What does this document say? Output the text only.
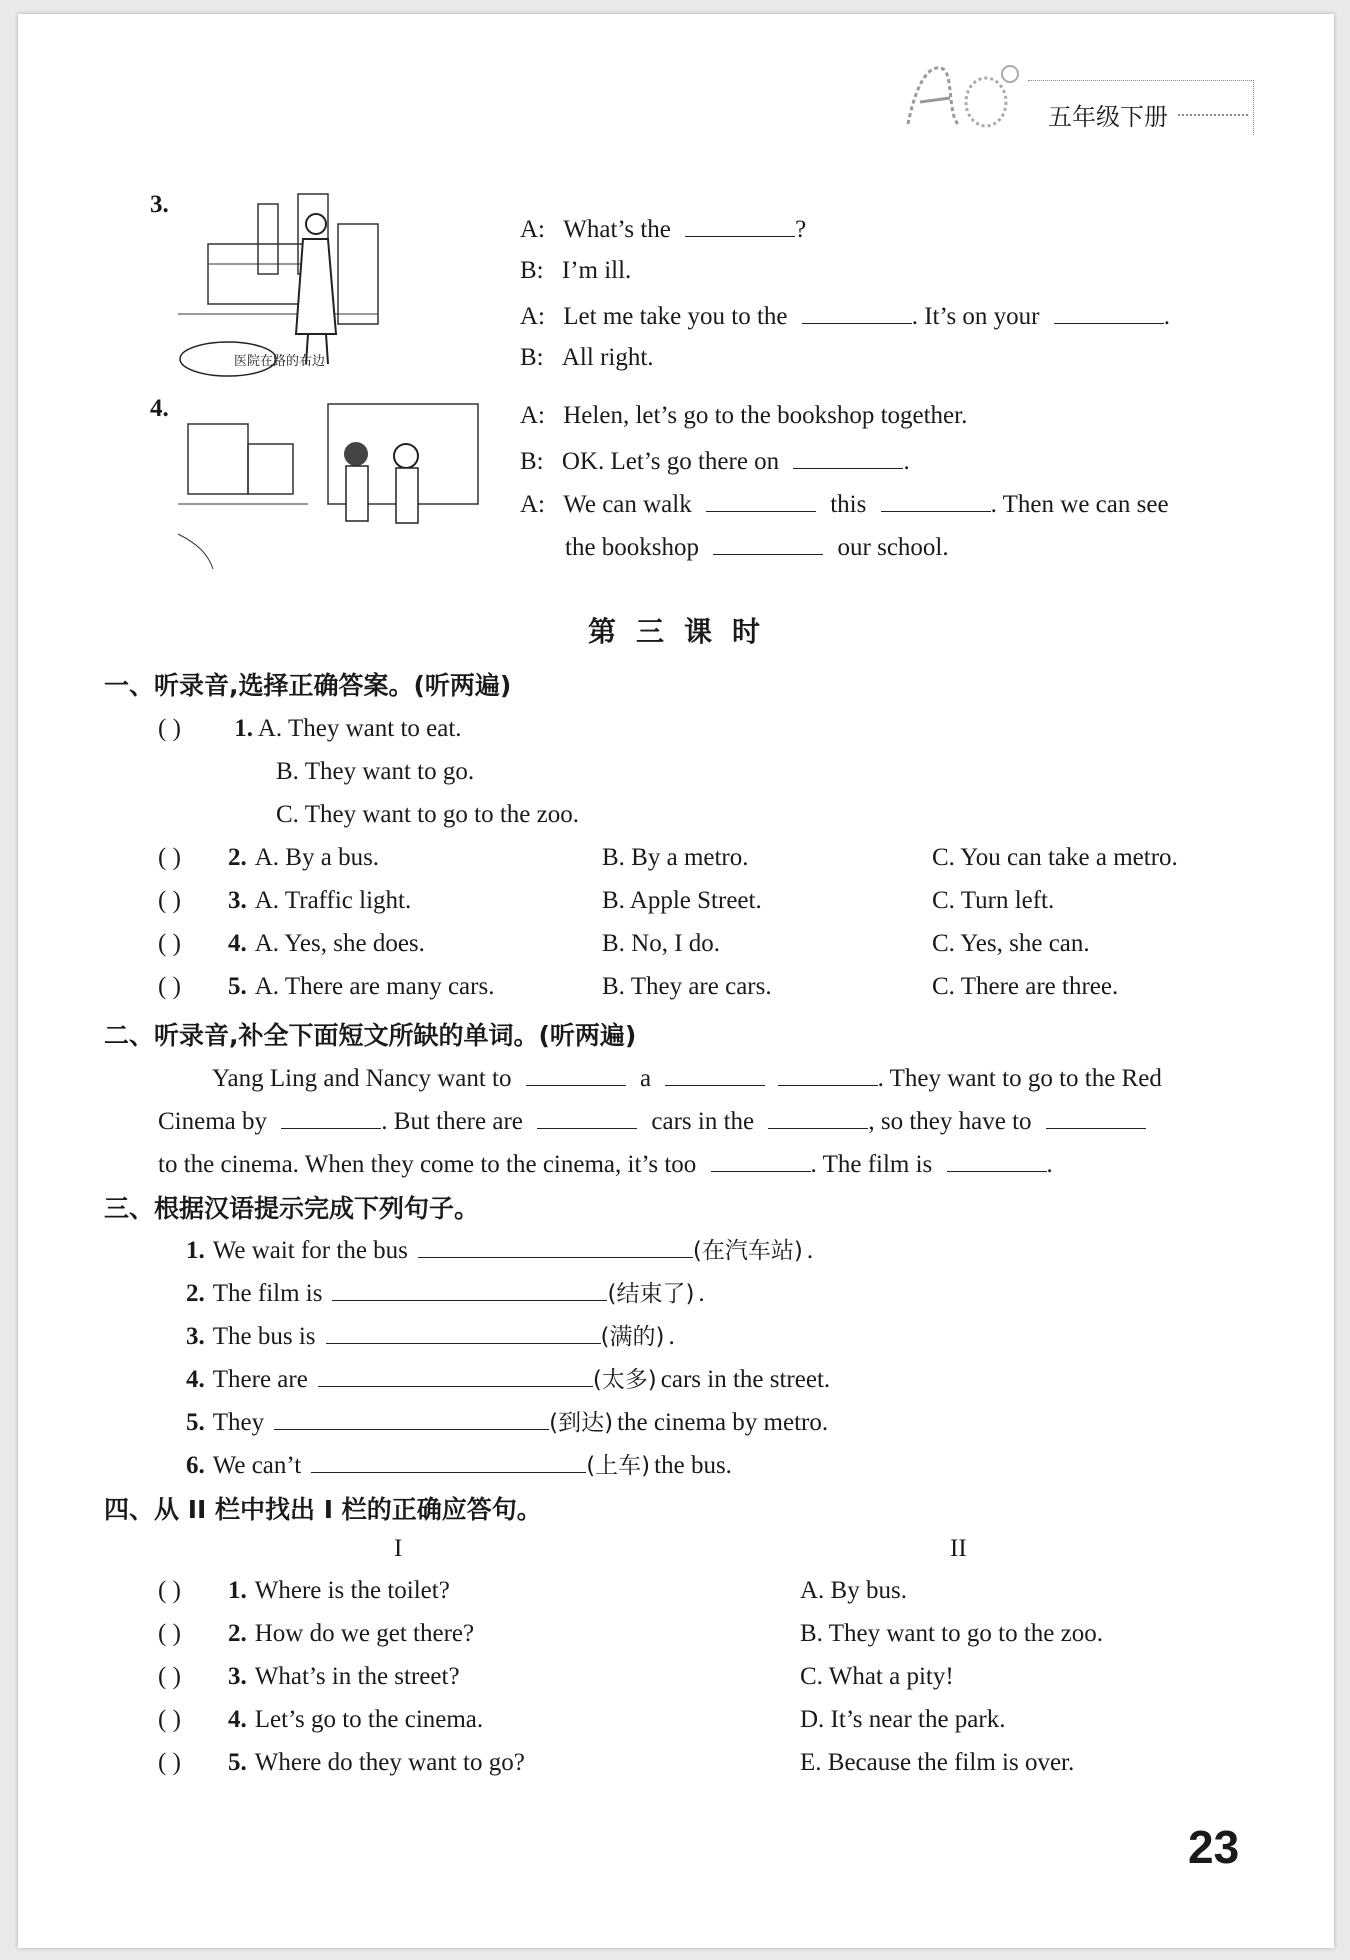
五年级下册
3.
医院在路的右边
A: What’s the	?
B: I’m ill.
A: Let me take you to the	. It’s on your	.
B: All right.
4.	A: Helen, let’s go to the bookshop together.
B: OK. Let’s go there on	.
A: We can walk	this	. Then we can see
the bookshop	our school.
第三课时
一、听录音,选择正确答案。(听两遍)
( ) 1. A. They want to eat.
B. They want to go.
C. They want to go to the zoo.
二、听录音,补全下面短文所缺的单词。(听两遍)
Yang Ling and Nancy want to	a	. They want to go to the Red
Cinema by	. But there are	cars in the	, so they have to
to the cinema. When they come to the cinema, it’s too	. The film is	.
三、根据汉语提示完成下列句子。
四、从 II 栏中找出 I 栏的正确应答句。
I	II
23
( ) 2. A. By a bus.	B. By a metro.	C. You can take a metro.
( ) 3. A. Traffic light.	B. Apple Street.	C. Turn left.
( ) 4. A. Yes, she does.	B. No, I do.	C. Yes, she can.
( ) 5. A. There are many cars.	B. They are cars.	C. There are three.
1. We wait for the bus	(在汽车站) .
2. The film is	(结束了) .
3. The bus is	(满的) .
4. There are	(太多) cars in the street.
5. They	(到达) the cinema by metro.
6. We can’t	(上车) the bus.
( ) 1. Where is the toilet?	A. By bus.
( ) 2. How do we get there?	B. They want to go to the zoo.
( ) 3. What’s in the street?	C. What a pity!
( ) 4. Let’s go to the cinema.	D. It’s near the park.
( ) 5. Where do they want to go?	E. Because the film is over.
